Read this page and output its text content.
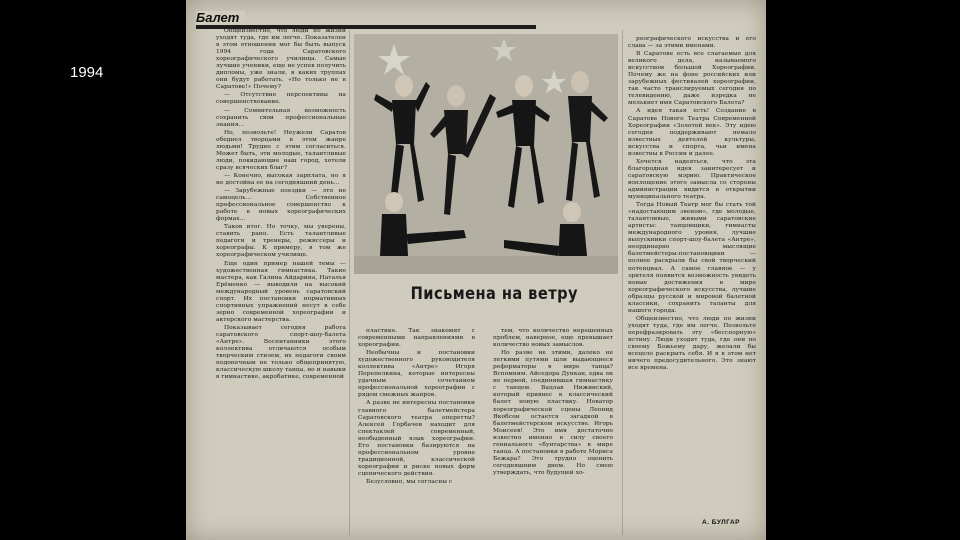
1994
Балет

Общеизвестно, что люди по жизни уходят туда, где им легче. Показателен в этом отношении мог бы быть выпуск 1994 года Саратовского хореографического училища. Самые лучшие ученики, еще не успев получить дипломы, уже знали, в каких труппах они будут работать. «Но только не в Саратове!» Почему?

— Отсутствие перспективы на совершенствование.

— Сомнительная возможность сохранить свои профессиональные знания...

Но, позвольте! Неужели Саратов обеднел творцами в этом жанре людьми! Трудно с этим согласиться. Может быть, эти молодые, талантливые люди, покидающие наш город, хотели сразу всяческих благ?

— Конечно, высокая зарплата, но я не достойна ее на сегодняшний день...

— Зарубежные поездки — это не самоцель... Собственное профессиональное совершенство к работе в новых хореографических формах...

Таков итог. Но точку, мы уверены, ставить рано. Есть талантливые педагоги и тренеры, режиссеры и хореографы. К примеру, в том же хореографическом училище.

Еще один пример нашей темы — художественная гимнастика. Такие мастера, как Галина Айдарина, Наталья Ерёменко — выводили на высокий международный уровень саратовский спорт. Их постановки нормативных спортивных упражнений несут в себе зерно современной хореографии и актерского мастерства.

Показывает сегодня работа саратовского спорт-шоу-балета «Антре». Воспитанники этого коллектива отличаются особым творческим стилем, их педагоги своим подопечным не только общепринятую, классическую школу танца, но и навыки в гимнастике, акробатике, современной

Письмена на ветру

пластике. Так знакомят с современными направлениями в хореографии.

Необычны и постановки художественного руководителя коллектива «Антре» Игоря Перепелкина, которые интересны удачным сочетанием профессиональной хореографии с рядом смежных жанров.

А разве не интересны постановки главного балетмейстера Саратовского театра оперетты? Алексей Горбачев находит для спектаклей современный, необыденный язык хореографии. Его постановки базируются на профессиональном уровне традиционной, классической хореографии и риске новых форм сценического действия.

Безусловно, мы согласны с

тем, что количество нерешенных проблем, наверное, еще превышает количество новых замыслов.

Но разве не этими, далеко не легкими путями шли выдающиеся реформаторы в мире танца? Вспомним. Айседора Дункан, едва ли не первой, соединившая гимнастику с танцем. Вацлав Нижинский, который привнес в классический балет новую пластику. Новатор хореографической сцены Леонид Якобсон остается загадкой в балетмейстерском искусстве. Игорь Моисеев! Это имя достаточно известно именно в силу своего гениального «бунтарства» в мире танца. А постановки в работе Мориса Бежара? Это трудно оценить сегодняшним днем. Но смею утверждать, что будущей хо-

реографического искусства и его слава — за этими именами.

В Саратове есть все слагаемые для великого дела, называемого искусством большой Хореографии. Почему же на фоне российских или зарубежных фестивалей хореографии, так часто транслируемых сегодня по телевидению, даже изредка не мелькнет имя Саратовского Балета?

А идея такая есть! Создание в Саратове Нового Театра Современной Хореографии «Золотой век». Эту идею сегодня поддерживают немало известных деятелей культуры, искусства и спорта, чьи имена известны в России и далее.

Хочется надеяться, что эта благородная идея заинтересует и саратовскую мэрию. Практическое воплощение этого замысла со стороны администрации видится в открытии муниципального театра.

Тогда Новый Театр мог бы стать той «надостающим звеном», где молодые, талантливые, живыми саратовские артисты: танцовщики, гимнасты международного уровня, лучшие выпускники спорт-шоу-балета «Антре», неординарно мыслящие балетмейстеры-постановщики — полнее раскрыли бы свой творческий потенциал. А самое главное — у зрителя появится возможность увидеть новые достижения в мире хореографического искусства, лучшие образцы русской и мировой балетной классики, сохранить таланты для нашего города.

Общеизвестно, что люди по жизни уходят туда, где им легче. Позвольте перефразировать эту «бесспорную» истину. Люди уходят туда, где они по своему Божьему дару, желали бы всецело раскрыть себя. И я в этом нет ничего предосудительного. Это знают все времена.

А. БУЛГАР
